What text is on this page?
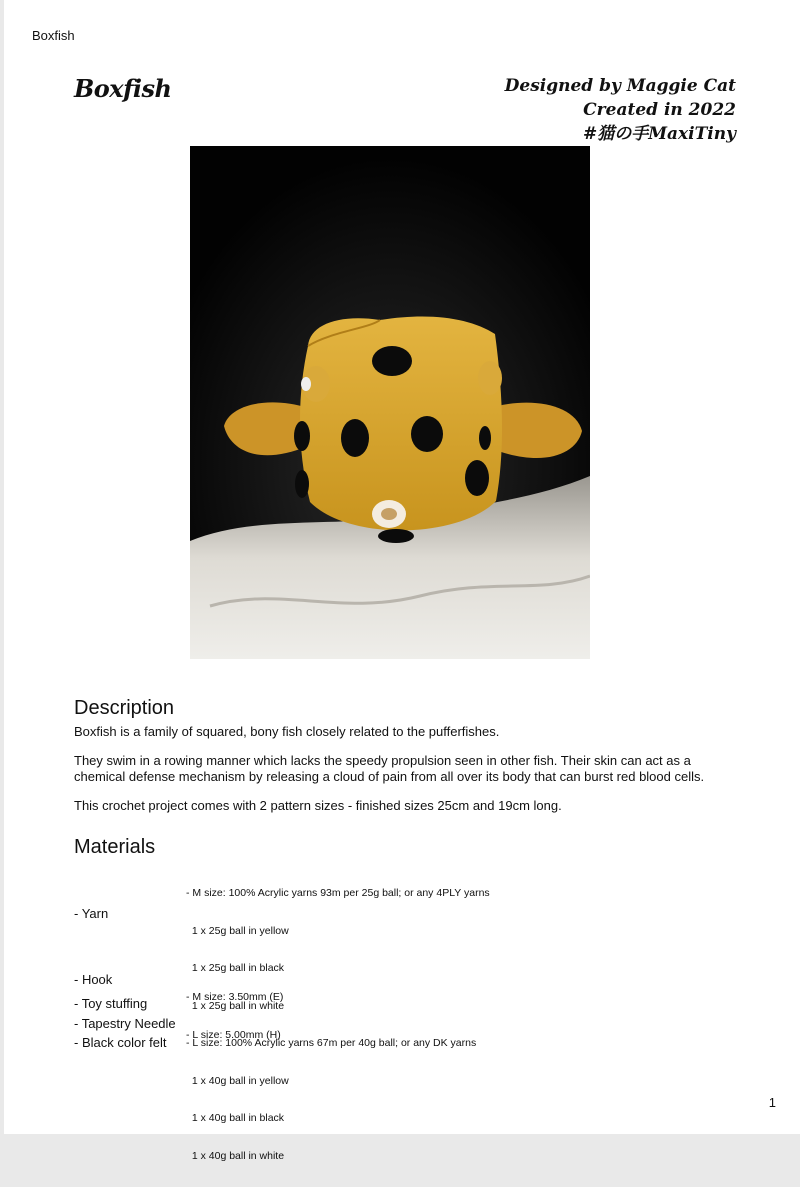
Boxfish
Boxfish	Designed by Maggie Cat
Created in 2022
#猫の手MaxiTiny
Description
Boxfish is a family of squared, bony fish closely related to the pufferfishes.
They swim in a rowing manner which lacks the speedy propulsion seen in other fish. Their skin can act as a chemical defense mechanism by releasing a cloud of pain from all over its body that can burst red blood cells.
This crochet project comes with 2 pattern sizes - finished sizes 25cm and 19cm long.
Materials
- Yarn

- M size: 100% Acrylic yarns 93m per 25g ball; or any 4PLY yarns

1 x 25g ball in yellow

1 x 25g ball in black

1 x 25g ball in white

- L size: 100% Acrylic yarns 67m per 40g ball; or any DK yarns

1 x 40g ball in yellow

1 x 40g ball in black

1 x 40g ball in white

- Hook

- M size: 3.50mm (E)

- L size: 5.00mm (H)

- Toy stuffing
- Tapestry Needle
- Black color felt
1
